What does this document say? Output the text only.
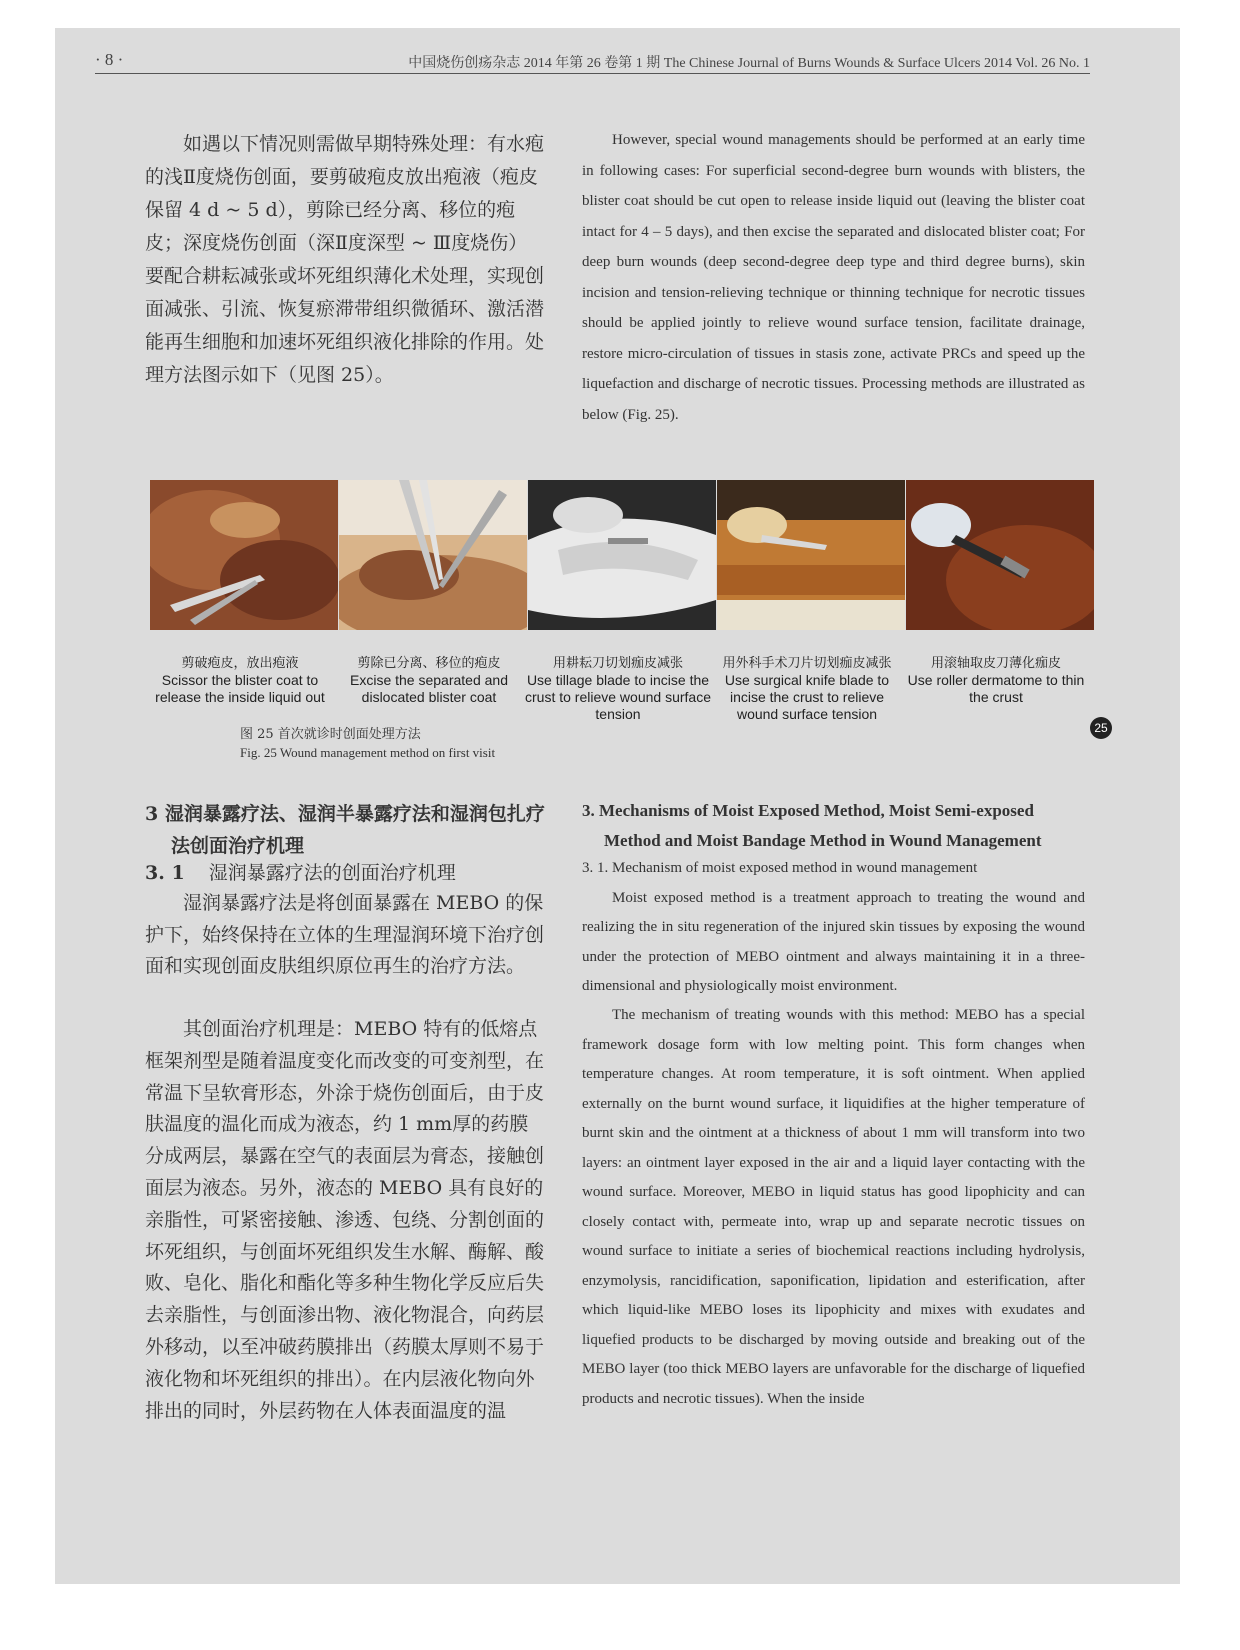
· 8 ·	中国烧伤创疡杂志 2014 年第 26 卷第 1 期 The Chinese Journal of Burns Wounds & Surface Ulcers 2014 Vol. 26 No. 1
如遇以下情况则需做早期特殊处理：有水疱的浅Ⅱ度烧伤创面，要剪破疱皮放出疱液（疱皮保留 4 d ~ 5 d），剪除已经分离、移位的疱皮；深度烧伤创面（深Ⅱ度深型 ~ Ⅲ度烧伤）要配合耕耘减张或坏死组织薄化术处理，实现创面减张、引流、恢复瘀滞带组织微循环、激活潜能再生细胞和加速坏死组织液化排除的作用。处理方法图示如下（见图 25）。
However, special wound managements should be performed at an early time in following cases: For superficial second-degree burn wounds with blisters, the blister coat should be cut open to release inside liquid out (leaving the blister coat intact for 4 – 5 days), and then excise the separated and dislocated blister coat; For deep burn wounds (deep second-degree deep type and third degree burns), skin incision and tension-relieving technique or thinning technique for necrotic tissues should be applied jointly to relieve wound surface tension, facilitate drainage, restore micro-circulation of tissues in stasis zone, activate PRCs and speed up the liquefaction and discharge of necrotic tissues. Processing methods are illustrated as below (Fig. 25).
剪破疱皮，放出疱液
Scissor the blister coat to release the inside liquid out
剪除已分离、移位的疱皮
Excise the separated and dislocated blister coat
用耕耘刀切划痂皮减张
Use tillage blade to incise the crust to relieve wound surface tension
用外科手术刀片切划痂皮减张
Use surgical knife blade to incise the crust to relieve wound surface tension
用滚轴取皮刀薄化痂皮
Use roller dermatome to thin the crust
25
图 25 首次就诊时创面处理方法
Fig. 25 Wound management method on first visit
3 湿润暴露疗法、湿润半暴露疗法和湿润包扎疗法创面治疗机理
3. 1 湿润暴露疗法的创面治疗机理
湿润暴露疗法是将创面暴露在 MEBO 的保护下，始终保持在立体的生理湿润环境下治疗创面和实现创面皮肤组织原位再生的治疗方法。
其创面治疗机理是：MEBO 特有的低熔点框架剂型是随着温度变化而改变的可变剂型，在常温下呈软膏形态，外涂于烧伤创面后，由于皮肤温度的温化而成为液态，约 1 mm厚的药膜分成两层，暴露在空气的表面层为膏态，接触创面层为液态。另外，液态的 MEBO 具有良好的亲脂性，可紧密接触、渗透、包绕、分割创面的坏死组织，与创面坏死组织发生水解、酶解、酸败、皂化、脂化和酯化等多种生物化学反应后失去亲脂性，与创面渗出物、液化物混合，向药层外移动，以至冲破药膜排出（药膜太厚则不易于液化物和坏死组织的排出）。在内层液化物向外排出的同时，外层药物在人体表面温度的温
3. Mechanisms of Moist Exposed Method, Moist Semi-exposed Method and Moist Bandage Method in Wound Management
3. 1. Mechanism of moist exposed method in wound management
Moist exposed method is a treatment approach to treating the wound and realizing the in situ regeneration of the injured skin tissues by exposing the wound under the protection of MEBO ointment and always maintaining it in a three-dimensional and physiologically moist environment.
The mechanism of treating wounds with this method: MEBO has a special framework dosage form with low melting point. This form changes when temperature changes. At room temperature, it is soft ointment. When applied externally on the burnt wound surface, it liquidifies at the higher temperature of burnt skin and the ointment at a thickness of about 1 mm will transform into two layers: an ointment layer exposed in the air and a liquid layer contacting with the wound surface. Moreover, MEBO in liquid status has good lipophicity and can closely contact with, permeate into, wrap up and separate necrotic tissues on wound surface to initiate a series of biochemical reactions including hydrolysis, enzymolysis, rancidification, saponification, lipidation and esterification, after which liquid-like MEBO loses its lipophicity and mixes with exudates and liquefied products to be discharged by moving outside and breaking out of the MEBO layer (too thick MEBO layers are unfavorable for the discharge of liquefied products and necrotic tissues). When the inside
